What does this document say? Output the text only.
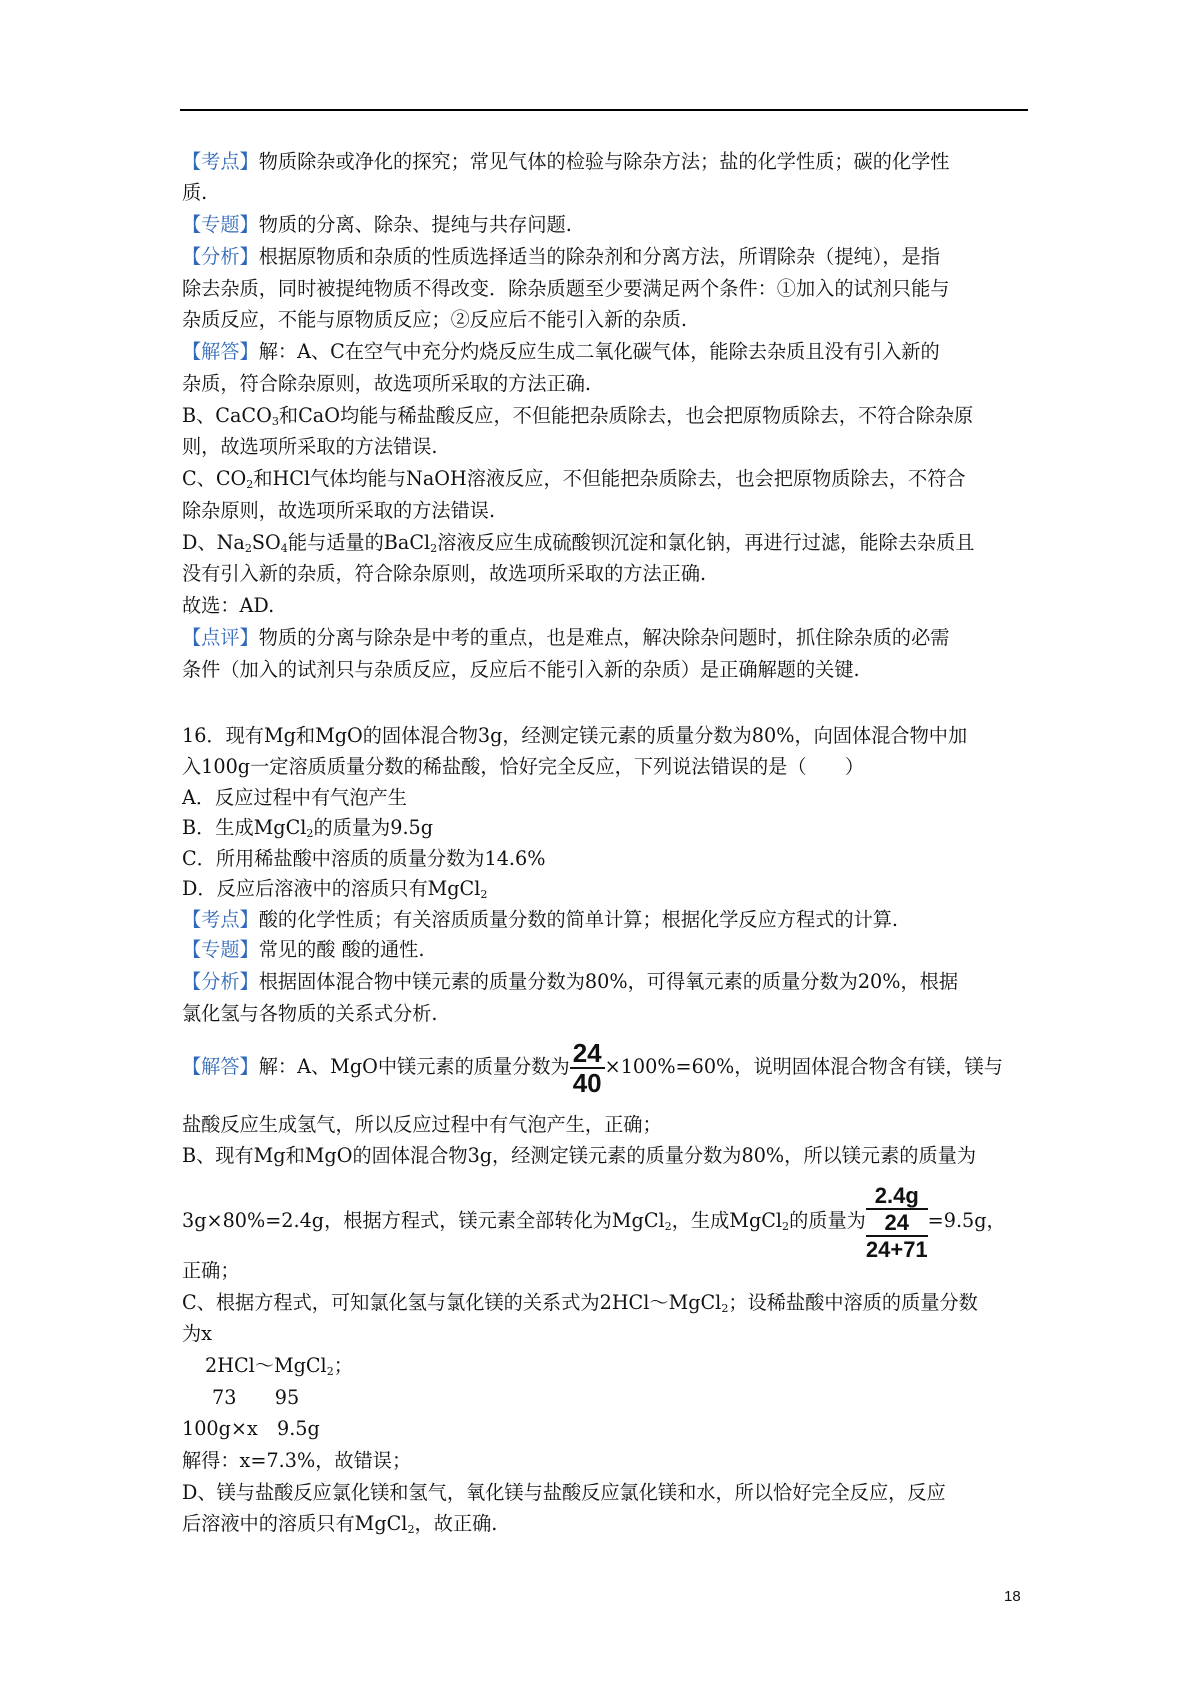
【考点】物质除杂或净化的探究；常见气体的检验与除杂方法；盐的化学性质；碳的化学性
质.
【专题】物质的分离、除杂、提纯与共存问题.
【分析】根据原物质和杂质的性质选择适当的除杂剂和分离方法，所谓除杂（提纯），是指
除去杂质，同时被提纯物质不得改变．除杂质题至少要满足两个条件：①加入的试剂只能与
杂质反应，不能与原物质反应；②反应后不能引入新的杂质.
【解答】解：A、C在空气中充分灼烧反应生成二氧化碳气体，能除去杂质且没有引入新的
杂质，符合除杂原则，故选项所采取的方法正确.
B、CaCO$_3$和CaO均能与稀盐酸反应，不但能把杂质除去，也会把原物质除去，不符合除杂原
则，故选项所采取的方法错误.
C、$CO_2$和HCl气体均能与NaOH溶液反应，不但能把杂质除去，也会把原物质除去，不符合
除杂原则，故选项所采取的方法错误.
D、$Na_2SO_4$能与适量的BaCl$_2$溶液反应生成硫酸钡沉淀和氯化钠，再进行过滤，能除去杂质且
没有引入新的杂质，符合除杂原则，故选项所采取的方法正确.
故选：AD.
【点评】物质的分离与除杂是中考的重点，也是难点，解决除杂问题时，抓住除杂质的必需
条件（加入的试剂只与杂质反应，反应后不能引入新的杂质）是正确解题的关键.
16．现有Mg和MgO的固体混合物3g，经测定镁元素的质量分数为80%，向固体混合物中加
入100g一定溶质质量分数的稀盐酸，恰好完全反应，下列说法错误的是（　　）
A．反应过程中有气泡产生
B．生成MgCl$_2$的质量为9.5g
C．所用稀盐酸中溶质的质量分数为14.6%
D．反应后溶液中的溶质只有MgCl$_2$
【考点】酸的化学性质；有关溶质质量分数的简单计算；根据化学反应方程式的计算.
【专题】常见的酸 酸的通性.
【分析】根据固体混合物中镁元素的质量分数为80%，可得氧元素的质量分数为20%，根据
氯化氢与各物质的关系式分析.
【解答】解：A、MgO中镁元素的质量分数为 $\frac{24}{40} \times 100\%=60\%$，说明固体混合物含有镁，镁与
盐酸反应生成氢气，所以反应过程中有气泡产生，正确；
B、现有Mg和MgO的固体混合物3g，经测定镁元素的质量分数为80%，所以镁元素的质量为
3g×80%=2.4g，根据方程式，镁元素全部转化为MgCl$_2$，生成MgCl$_2$的质量为
2.4g
24
24+71
=9.5g，
正确；
C、根据方程式，可知氯化氢与氯化镁的关系式为2HCl～MgCl$_2$；设稀盐酸中溶质的质量分数
为x
2HCl～MgCl$_2$；
73　　95
100g×x　9.5g
解得：x=7.3%，故错误；
D、镁与盐酸反应氯化镁和氢气，氧化镁与盐酸反应氯化镁和水，所以恰好完全反应，反应
后溶液中的溶质只有MgCl$_2$，故正确.
18
